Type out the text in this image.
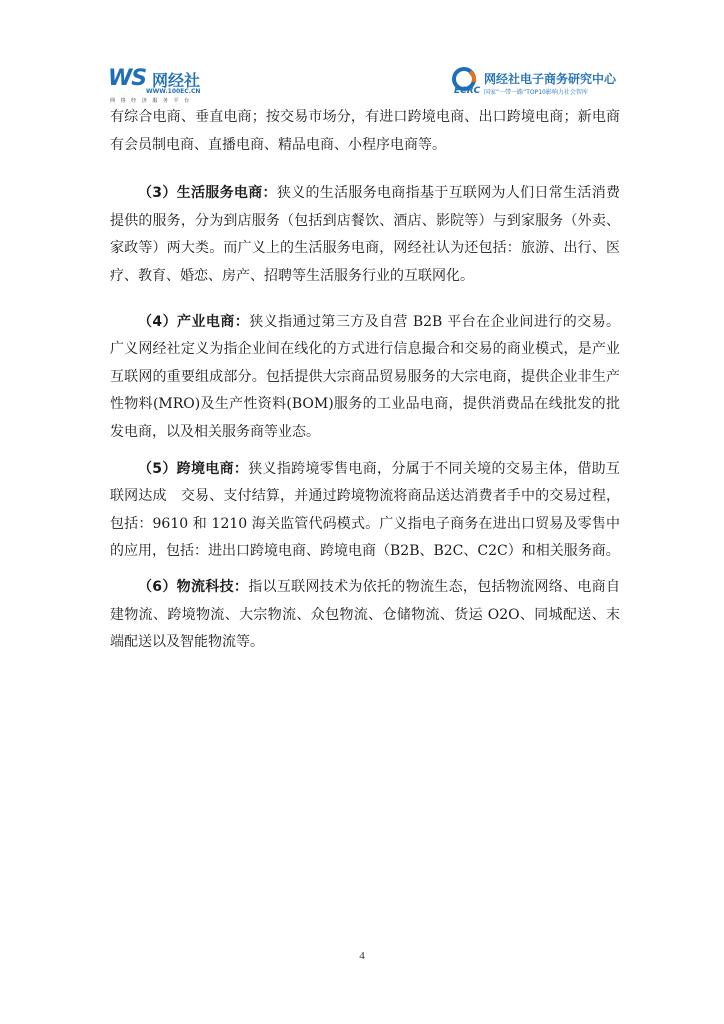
WS 网经社
WWW.100EC.CN
网 络 经 济 服 务 平 台
ECRC
网经社电子商务研究中心
国家“一带一路”TOP10影响力社会智库

有综合电商、垂直电商；按交易市场分，有进口跨境电商、出口跨境电商；新电商有会员制电商、直播电商、精品电商、小程序电商等。

（3）生活服务电商：狭义的生活服务电商指基于互联网为人们日常生活消费提供的服务，分为到店服务（包括到店餐饮、酒店、影院等）与到家服务（外卖、家政等）两大类。而广义上的生活服务电商，网经社认为还包括：旅游、出行、医疗、教育、婚恋、房产、招聘等生活服务行业的互联网化。

（4）产业电商：狭义指通过第三方及自营 B2B 平台在企业间进行的交易。广义网经社定义为指企业间在线化的方式进行信息撮合和交易的商业模式，是产业互联网的重要组成部分。包括提供大宗商品贸易服务的大宗电商，提供企业非生产性物料(MRO)及生产性资料(BOM)服务的工业品电商，提供消费品在线批发的批发电商，以及相关服务商等业态。

（5）跨境电商：狭义指跨境零售电商，分属于不同关境的交易主体，借助互联网达成　交易、支付结算，并通过跨境物流将商品送达消费者手中的交易过程，包括：9610 和 1210 海关监管代码模式。广义指电子商务在进出口贸易及零售中的应用，包括：进出口跨境电商、跨境电商（B2B、B2C、C2C）和相关服务商。

（6）物流科技：指以互联网技术为依托的物流生态，包括物流网络、电商自建物流、跨境物流、大宗物流、众包物流、仓储物流、货运 O2O、同城配送、末端配送以及智能物流等。

4
